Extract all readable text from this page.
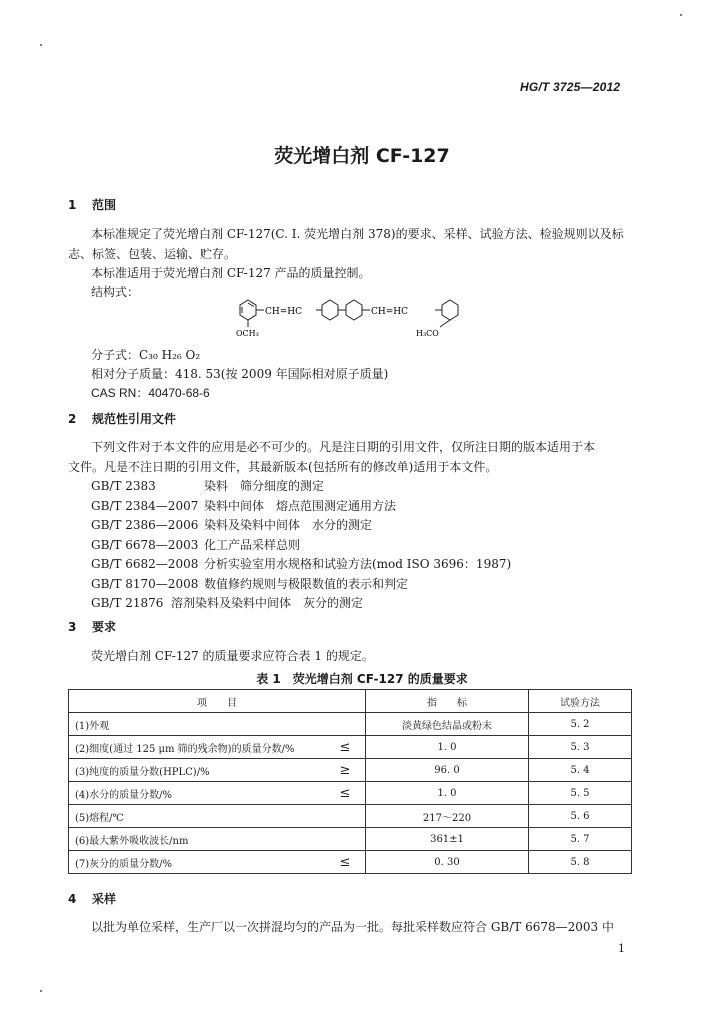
HG/T 3725—2012
荧光增白剂 CF-127
1 范围
本标准规定了荧光增白剂 CF-127(C. I. 荧光增白剂 378)的要求、采样、试验方法、检验规则以及标
志、标签、包装、运输、贮存。
本标准适用于荧光增白剂 CF-127 产品的质量控制。
结构式：
CH=HC	CH=HC
OCH₃	H₃CO
分子式：C₃₀ H₂₆ O₂
相对分子质量：418. 53(按 2009 年国际相对原子质量)
CAS RN：40470-68-6
2 规范性引用文件
下列文件对于本文件的应用是必不可少的。凡是注日期的引用文件，仅所注日期的版本适用于本
文件。凡是不注日期的引用文件，其最新版本(包括所有的修改单)适用于本文件。
GB/T 2383	染料　筛分细度的测定
GB/T 2384—2007 染料中间体　熔点范围测定通用方法
GB/T 2386—2006 染料及染料中间体　水分的测定
GB/T 6678—2003 化工产品采样总则
GB/T 6682—2008 分析实验室用水规格和试验方法(mod ISO 3696：1987)
GB/T 8170—2008 数值修约规则与极限数值的表示和判定
GB/T 21876 溶剂染料及染料中间体　灰分的测定
3 要求
荧光增白剂 CF-127 的质量要求应符合表 1 的规定。
表 1　荧光增白剂 CF-127 的质量要求
项　　目		指　　标	试验方法
(1)外观		淡黄绿色结晶或粉末	5. 2
(2)细度(通过 125 μm 筛的残余物)的质量分数/%	≤	1. 0	5. 3
(3)纯度的质量分数(HPLC)/%	≥	96. 0	5. 4
(4)水分的质量分数/%	≤	1. 0	5. 5
(5)熔程/℃		217～220	5. 6
(6)最大紫外吸收波长/nm		361±1	5. 7
(7)灰分的质量分数/%	≤	0. 30	5. 8
4 采样
以批为单位采样，生产厂以一次拼混均匀的产品为一批。每批采样数应符合 GB/T 6678—2003 中
1
